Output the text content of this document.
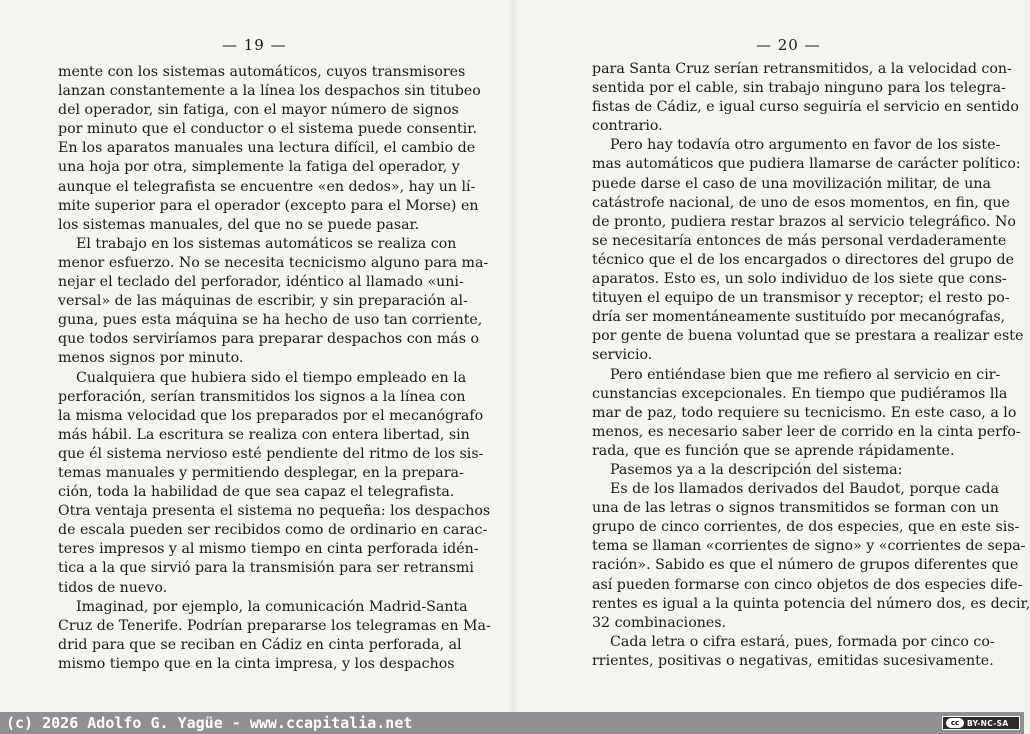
— 19 —
mente con los sistemas automáticos, cuyos transmisores
lanzan constantemente a la línea los despachos sin titubeo
del operador, sin fatiga, con el mayor número de signos
por minuto que el conductor o el sistema puede consentir.
En los aparatos manuales una lectura difícil, el cambio de
una hoja por otra, simplemente la fatiga del operador, y
aunque el telegrafista se encuentre «en dedos», hay un lí-
mite superior para el operador (excepto para el Morse) en
los sistemas manuales, del que no se puede pasar.
El trabajo en los sistemas automáticos se realiza con
menor esfuerzo. No se necesita tecnicismo alguno para ma-
nejar el teclado del perforador, idéntico al llamado «uni-
versal» de las máquinas de escribir, y sin preparación al-
guna, pues esta máquina se ha hecho de uso tan corriente,
que todos serviríamos para preparar despachos con más o
menos signos por minuto.
Cualquiera que hubiera sido el tiempo empleado en la
perforación, serían transmitidos los signos a la línea con
la misma velocidad que los preparados por el mecanógrafo
más hábil. La escritura se realiza con entera libertad, sin
que él sistema nervioso esté pendiente del ritmo de los sis-
temas manuales y permitiendo desplegar, en la prepara-
ción, toda la habilidad de que sea capaz el telegrafista.
Otra ventaja presenta el sistema no pequeña: los despachos
de escala pueden ser recibidos como de ordinario en carac-
teres impresos y al mismo tiempo en cinta perforada idén-
tica a la que sirvió para la transmisión para ser retransmi
tidos de nuevo.
Imaginad, por ejemplo, la comunicación Madrid-Santa
Cruz de Tenerife. Podrían prepararse los telegramas en Ma-
drid para que se reciban en Cádiz en cinta perforada, al
mismo tiempo que en la cinta impresa, y los despachos
— 20 —
para Santa Cruz serían retransmitidos, a la velocidad con-
sentida por el cable, sin trabajo ninguno para los telegra-
fistas de Cádiz, e igual curso seguiría el servicio en sentido
contrario.
Pero hay todavía otro argumento en favor de los siste-
mas automáticos que pudiera llamarse de carácter político:
puede darse el caso de una movilización militar, de una
catástrofe nacional, de uno de esos momentos, en fin, que
de pronto, pudiera restar brazos al servicio telegráfico. No
se necesitaría entonces de más personal verdaderamente
técnico que el de los encargados o directores del grupo de
aparatos. Esto es, un solo individuo de los siete que cons-
tituyen el equipo de un transmisor y receptor; el resto po-
dría ser momentáneamente sustituído por mecanógrafas,
por gente de buena voluntad que se prestara a realizar este
servicio.
Pero entiéndase bien que me refiero al servicio en cir-
cunstancias excepcionales. En tiempo que pudiéramos lla
mar de paz, todo requiere su tecnicismo. En este caso, a lo
menos, es necesario saber leer de corrido en la cinta perfo-
rada, que es función que se aprende rápidamente.
Pasemos ya a la descripción del sistema:
Es de los llamados derivados del Baudot, porque cada
una de las letras o signos transmitidos se forman con un
grupo de cinco corrientes, de dos especies, que en este sis-
tema se llaman «corrientes de signo» y «corrientes de sepa-
ración». Sabido es que el número de grupos diferentes que
así pueden formarse con cinco objetos de dos especies dife-
rentes es igual a la quinta potencia del número dos, es decir,
32 combinaciones.
Cada letra o cifra estará, pues, formada por cinco co-
rrientes, positivas o negativas, emitidas sucesivamente.
(c) 2026 Adolfo G. Yagüe - www.ccapitalia.net	cc	BY-NC-SA
